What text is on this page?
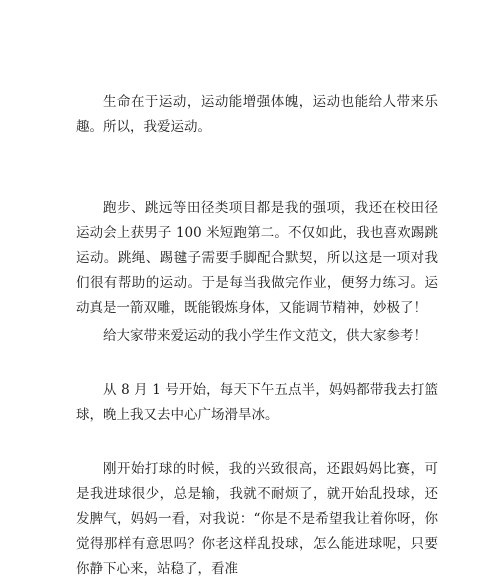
生命在于运动，运动能增强体魄，运动也能给人带来乐趣。所以，我爱运动。

跑步、跳远等田径类项目都是我的强项，我还在校田径运动会上获男子 100 米短跑第二。不仅如此，我也喜欢踢跳运动。跳绳、踢毽子需要手脚配合默契，所以这是一项对我们很有帮助的运动。于是每当我做完作业，便努力练习。运动真是一箭双雕，既能锻炼身体，又能调节精神，妙极了！

给大家带来爱运动的我小学生作文范文，供大家参考！

从 8 月 1 号开始，每天下午五点半，妈妈都带我去打篮球，晚上我又去中心广场滑旱冰。

刚开始打球的时候，我的兴致很高，还跟妈妈比赛，可是我进球很少，总是输，我就不耐烦了，就开始乱投球，还发脾气，妈妈一看，对我说：“你是不是希望我让着你呀，你觉得那样有意思吗？你老这样乱投球，怎么能进球呢，只要你静下心来，站稳了，看准
